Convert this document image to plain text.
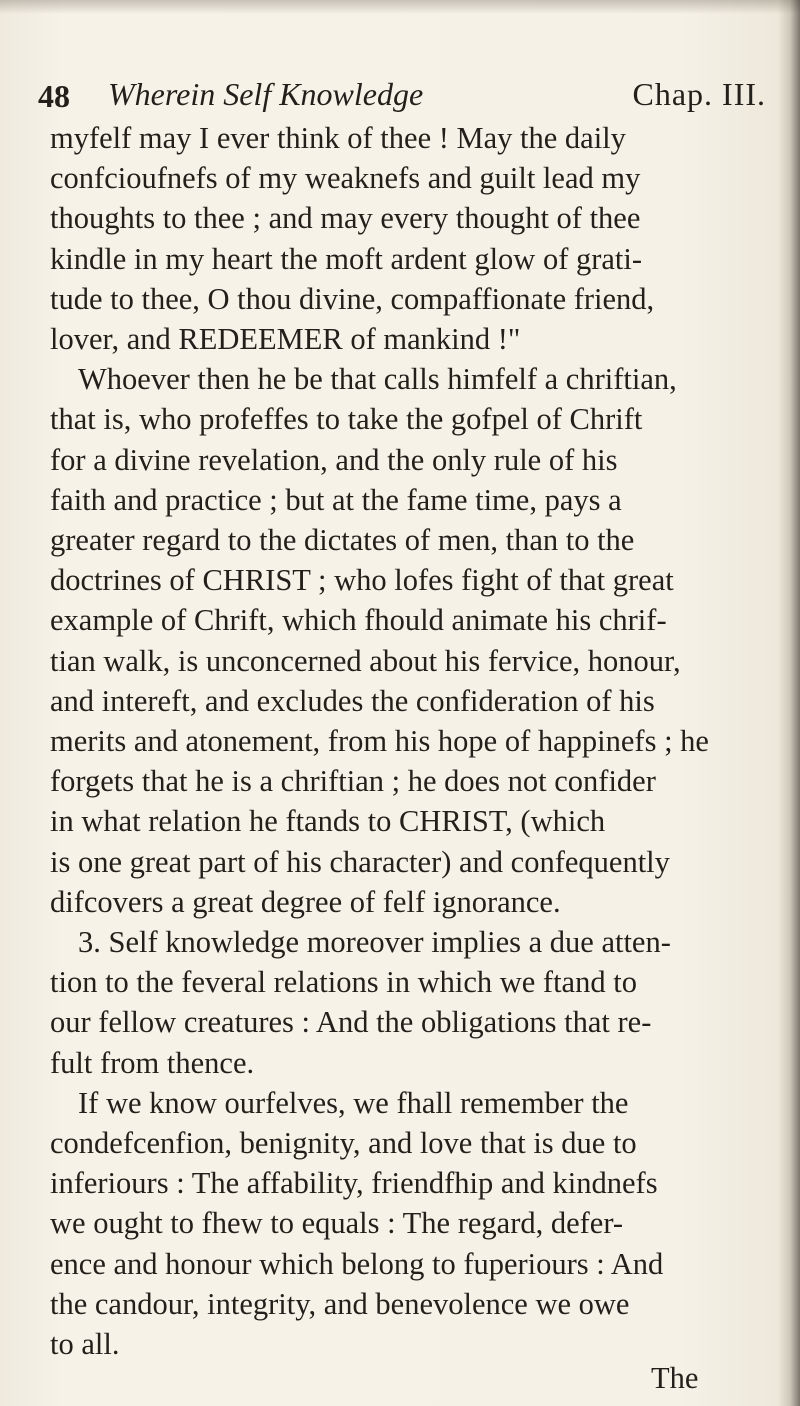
48 Wherein Self Knowledge	Chap. III.
myfelf may I ever think of thee ! May the daily
confcioufnefs of my weaknefs and guilt lead my
thoughts to thee ; and may every thought of thee
kindle in my heart the moft ardent glow of grati-
tude to thee, O thou divine, compaffionate friend,
lover, and REDEEMER of mankind !"
Whoever then he be that calls himfelf a chriftian,
that is, who profeffes to take the gofpel of Chrift
for a divine revelation, and the only rule of his
faith and practice ; but at the fame time, pays a
greater regard to the dictates of men, than to the
doctrines of CHRIST ; who lofes fight of that great
example of Chrift, which fhould animate his chrif-
tian walk, is unconcerned about his fervice, honour,
and intereft, and excludes the confideration of his
merits and atonement, from his hope of happinefs ; he
forgets that he is a chriftian ; he does not confider
in what relation he ftands to CHRIST, (which
is one great part of his character) and confequently
difcovers a great degree of felf ignorance.
3. Self knowledge moreover implies a due atten-
tion to the feveral relations in which we ftand to
our fellow creatures : And the obligations that re-
fult from thence.
If we know ourfelves, we fhall remember the
condefcenfion, benignity, and love that is due to
inferiours : The affability, friendfhip and kindnefs
we ought to fhew to equals : The regard, defer-
ence and honour which belong to fuperiours : And
the candour, integrity, and benevolence we owe
to all.
The
